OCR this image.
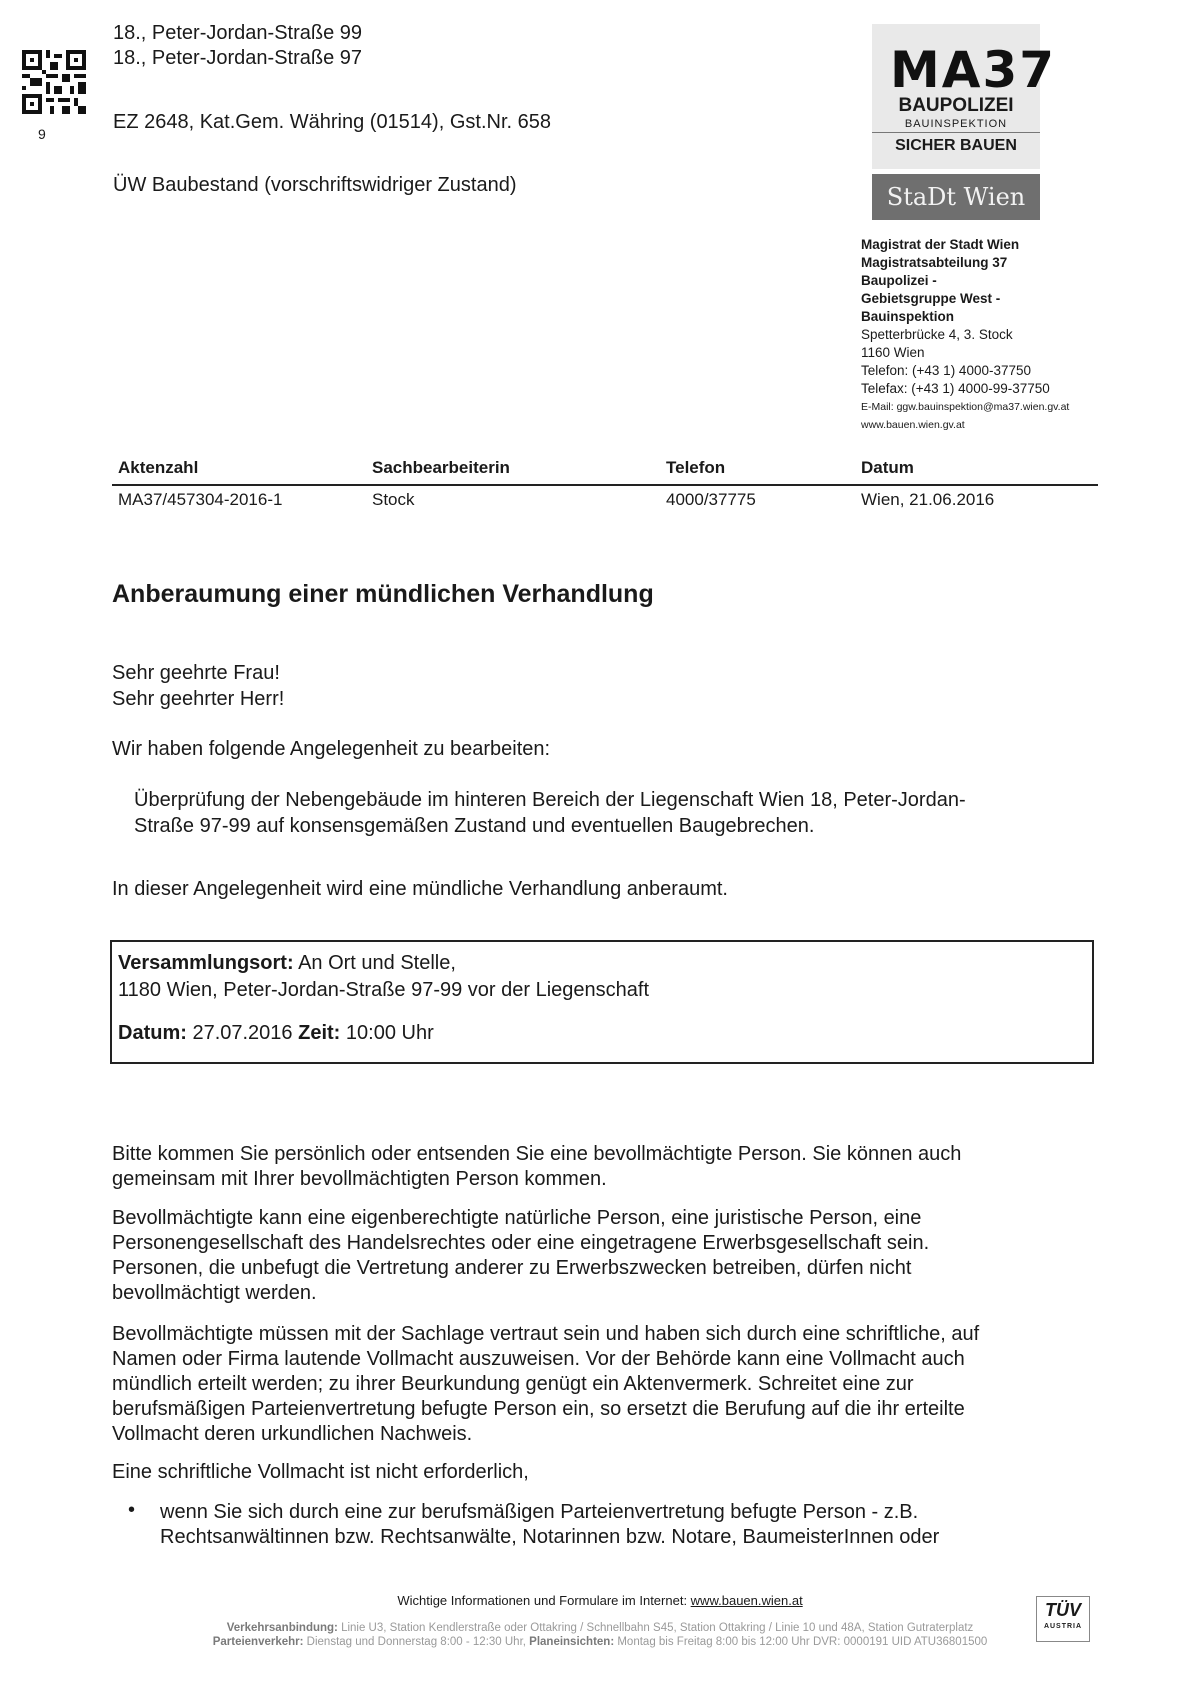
9
18., Peter-Jordan-Straße 99
18., Peter-Jordan-Straße 97
EZ 2648, Kat.Gem. Währing (01514), Gst.Nr. 658
ÜW Baubestand (vorschriftswidriger Zustand)
MA37
BAUPOLIZEI
BAUINSPEKTION
SICHER BAUEN
StaDt Wien
Magistrat der Stadt Wien
Magistratsabteilung 37
Baupolizei -
Gebietsgruppe West -
Bauinspektion
Spetterbrücke 4, 3. Stock
1160 Wien
Telefon: (+43 1) 4000-37750
Telefax: (+43 1) 4000-99-37750
E-Mail: ggw.bauinspektion@ma37.wien.gv.at
www.bauen.wien.gv.at
Aktenzahl	Sachbearbeiterin	Telefon	Datum
MA37/457304-2016-1	Stock	4000/37775	Wien, 21.06.2016
Anberaumung einer mündlichen Verhandlung
Sehr geehrte Frau!
Sehr geehrter Herr!
Wir haben folgende Angelegenheit zu bearbeiten:
Überprüfung der Nebengebäude im hinteren Bereich der Liegenschaft Wien 18, Peter-Jordan-
Straße 97-99 auf konsensgemäßen Zustand und eventuellen Baugebrechen.
In dieser Angelegenheit wird eine mündliche Verhandlung anberaumt.
Versammlungsort: An Ort und Stelle,
1180 Wien, Peter-Jordan-Straße 97-99 vor der Liegenschaft
Datum: 27.07.2016 Zeit: 10:00 Uhr
Bitte kommen Sie persönlich oder entsenden Sie eine bevollmächtigte Person. Sie können auch
gemeinsam mit Ihrer bevollmächtigten Person kommen.
Bevollmächtigte kann eine eigenberechtigte natürliche Person, eine juristische Person, eine
Personengesellschaft des Handelsrechtes oder eine eingetragene Erwerbsgesellschaft sein.
Personen, die unbefugt die Vertretung anderer zu Erwerbszwecken betreiben, dürfen nicht
bevollmächtigt werden.
Bevollmächtigte müssen mit der Sachlage vertraut sein und haben sich durch eine schriftliche, auf
Namen oder Firma lautende Vollmacht auszuweisen. Vor der Behörde kann eine Vollmacht auch
mündlich erteilt werden; zu ihrer Beurkundung genügt ein Aktenvermerk. Schreitet eine zur
berufsmäßigen Parteienvertretung befugte Person ein, so ersetzt die Berufung auf die ihr erteilte
Vollmacht deren urkundlichen Nachweis.
Eine schriftliche Vollmacht ist nicht erforderlich,
• wenn Sie sich durch eine zur berufsmäßigen Parteienvertretung befugte Person - z.B.
Rechtsanwältinnen bzw. Rechtsanwälte, Notarinnen bzw. Notare, BaumeisterInnen oder
Wichtige Informationen und Formulare im Internet: www.bauen.wien.at
Verkehrsanbindung: Linie U3, Station Kendlerstraße oder Ottakring / Schnellbahn S45, Station Ottakring / Linie 10 und 48A, Station Gutraterplatz
Parteienverkehr: Dienstag und Donnerstag 8:00 - 12:30 Uhr, Planeinsichten: Montag bis Freitag 8:00 bis 12:00 Uhr DVR: 0000191 UID ATU36801500
TÜV
AUSTRIA
